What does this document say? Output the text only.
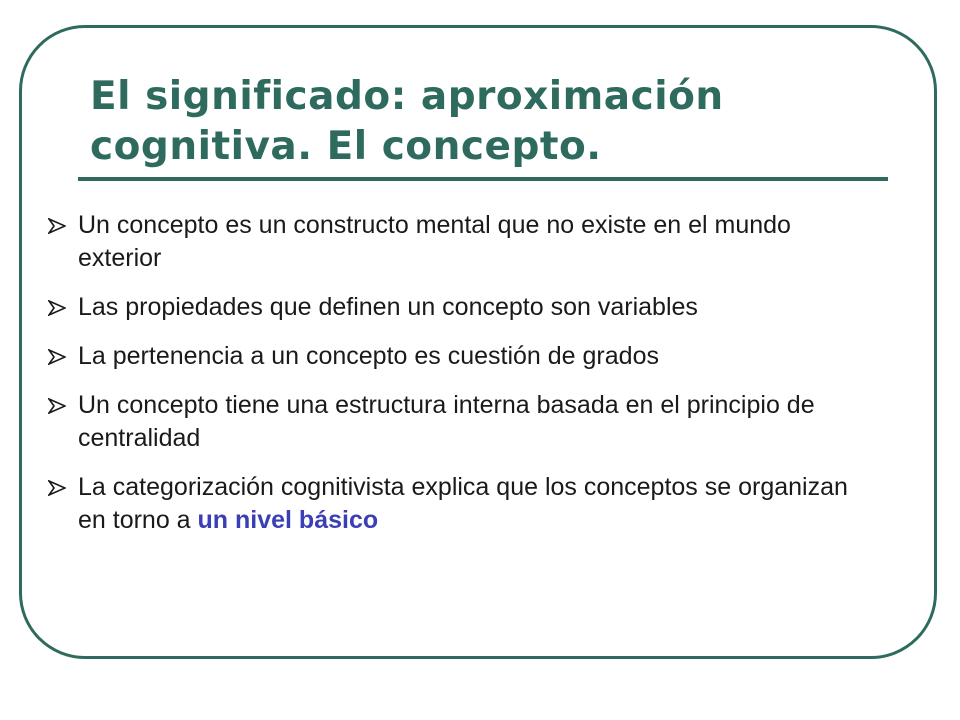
El significado: aproximación cognitiva. El concepto.
Un concepto es un constructo mental que no existe en el mundo exterior
Las propiedades que definen un concepto son variables
La pertenencia a un concepto es cuestión de grados
Un concepto tiene una estructura interna basada en el principio de centralidad
La categorización cognitivista explica que los conceptos se organizan en torno a un nivel básico
